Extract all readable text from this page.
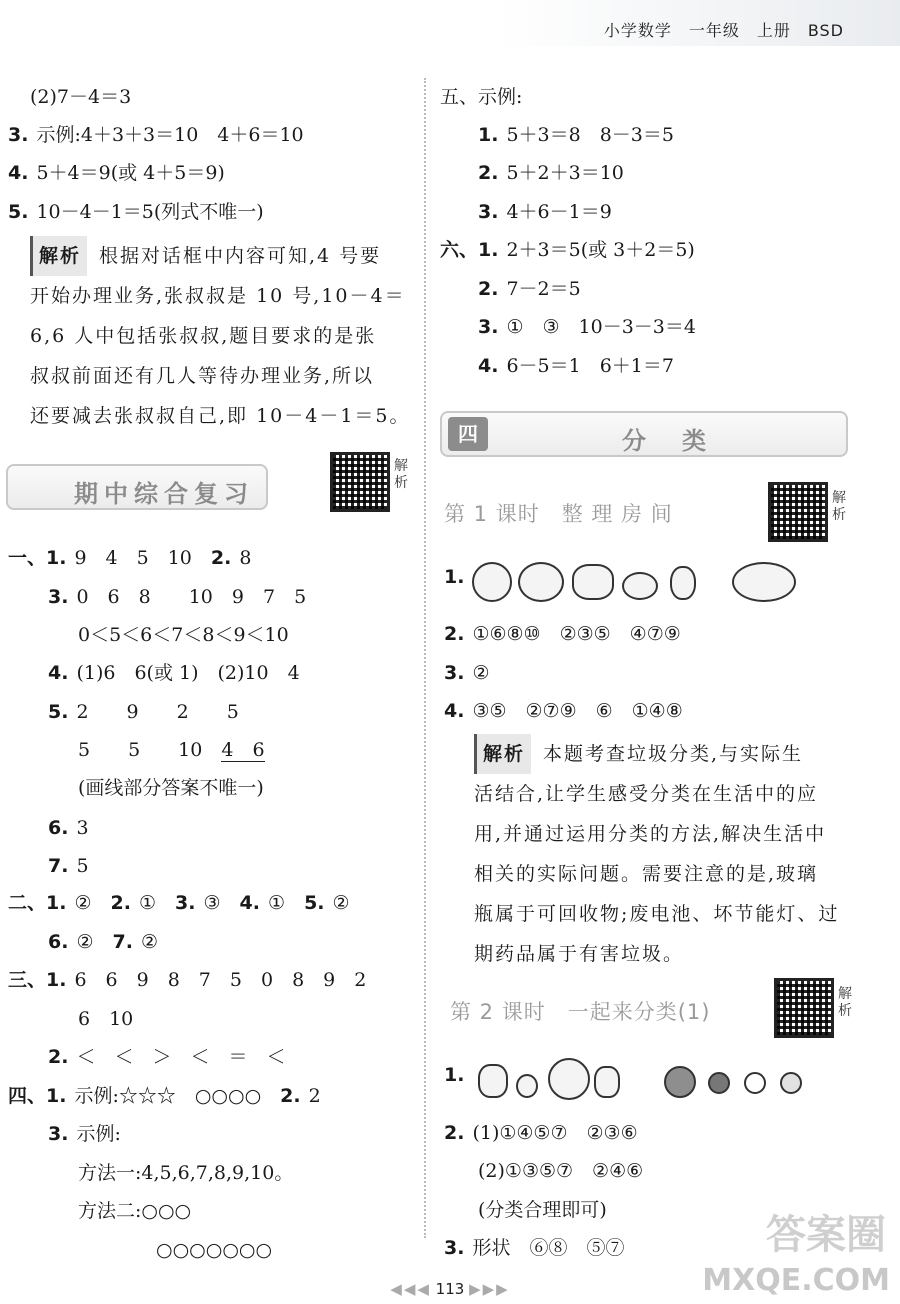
小学数学　一年级　上册　BSD
(2)7－4＝3
3. 示例:4＋3＋3＝10　4＋6＝10
4. 5＋4＝9(或 4＋5＝9)
5. 10－4－1＝5(列式不唯一)
解析 根据对话框中内容可知,4 号要
开始办理业务,张叔叔是 10 号,10－4＝
6,6 人中包括张叔叔,题目要求的是张
叔叔前面还有几人等待办理业务,所以
还要减去张叔叔自己,即 10－4－1＝5。
期中综合复习
解析
一、1. 9　4　5　10　2. 8
3. 0　6　8　　10　9　7　5
0＜5＜6＜7＜8＜9＜10
4. (1)6　6(或 1)　(2)10　4
5. 2　　9　　2　　5
5　　5　　10　4　6
(画线部分答案不唯一)
6. 3
7. 5
二、1. ②　 2. ①　 3. ③　 4. ①　 5. ②
6. ②　 7. ②
三、1. 6　6　9　8　7　5　0　8　9　2
6　10
2. ＜　＜　＞　＜　＝　＜
四、1. 示例:☆☆☆　○○○○　2. 2
3. 示例:
方法一:4,5,6,7,8,9,10。
方法二:○○○
○○○○○○○
五、示例:
1. 5＋3＝8　8－3＝5
2. 5＋2＋3＝10
3. 4＋6－1＝9
六、1. 2＋3＝5(或 3＋2＝5)
2. 7－2＝5
3. ①　③　10－3－3＝4
4. 6－5＝1　6＋1＝7
四	分　类
第 1 课时　整 理 房 间
解析
1.
2. ①⑥⑧⑩　②③⑤　④⑦⑨
3. ②
4. ③⑤　②⑦⑨　⑥　①④⑧
解析 本题考查垃圾分类,与实际生
活结合,让学生感受分类在生活中的应
用,并通过运用分类的方法,解决生活中
相关的实际问题。需要注意的是,玻璃
瓶属于可回收物;废电池、坏节能灯、过
期药品属于有害垃圾。
第 2 课时　一起来分类(1)
解析
1.
2. (1)①④⑤⑦　②③⑥
(2)①③⑤⑦　②④⑥
(分类合理即可)
3. 形状　⑥⑧　⑤⑦	答案圈
MXQE.COM
◀◀◀ 113 ▶▶▶
